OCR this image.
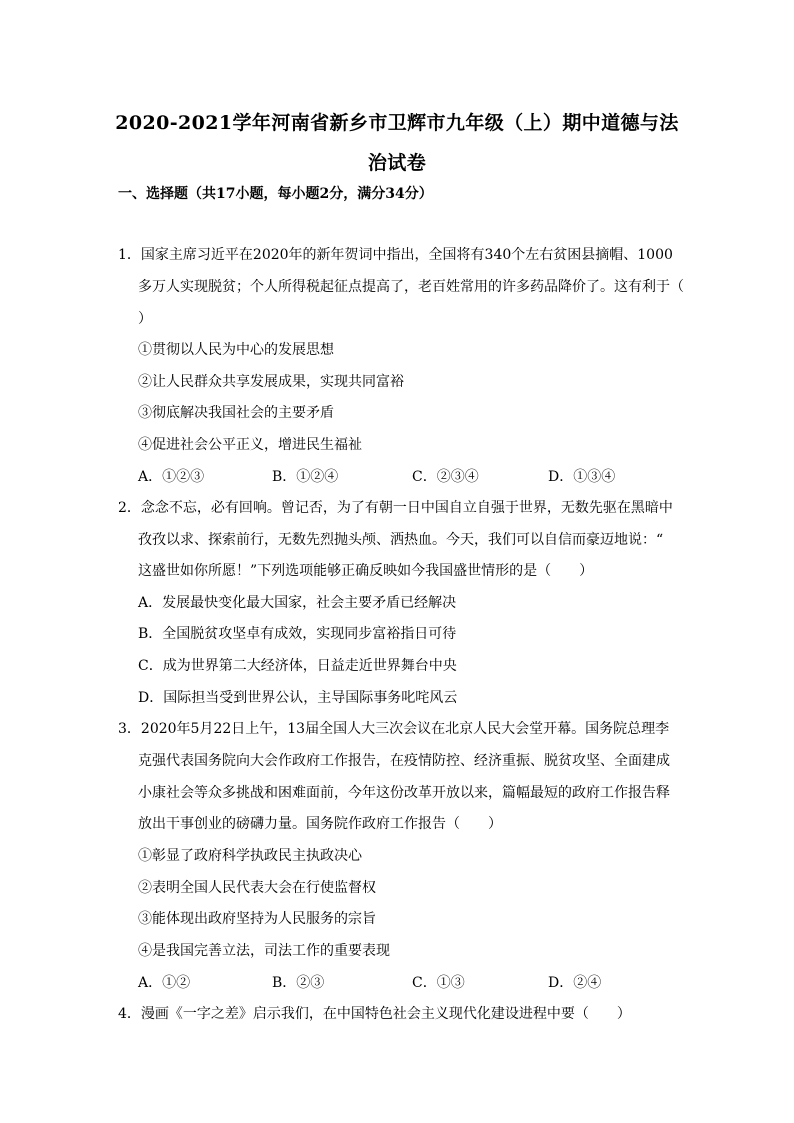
2020-2021学年河南省新乡市卫辉市九年级（上）期中道德与法
治试卷
一、选择题（共17小题，每小题2分，满分34分）
1．国家主席习近平在2020年的新年贺词中指出，全国将有340个左右贫困县摘帽、1000
多万人实现脱贫；个人所得税起征点提高了，老百姓常用的许多药品降价了。这有利于（
）
①贯彻以人民为中心的发展思想
②让人民群众共享发展成果，实现共同富裕
③彻底解决我国社会的主要矛盾
④促进社会公平正义，增进民生福祉
A．①②③	B．①②④	C．②③④	D．①③④
2．念念不忘，必有回响。曾记否，为了有朝一日中国自立自强于世界，无数先驱在黑暗中
孜孜以求、探索前行，无数先烈抛头颅、洒热血。今天，我们可以自信而豪迈地说：“
这盛世如你所愿！”下列选项能够正确反映如今我国盛世情形的是（　　）
A．发展最快变化最大国家，社会主要矛盾已经解决
B．全国脱贫攻坚卓有成效，实现同步富裕指日可待
C．成为世界第二大经济体，日益走近世界舞台中央
D．国际担当受到世界公认，主导国际事务叱咤风云
3．2020年5月22日上午，13届全国人大三次会议在北京人民大会堂开幕。国务院总理李
克强代表国务院向大会作政府工作报告，在疫情防控、经济重振、脱贫攻坚、全面建成
小康社会等众多挑战和困难面前，今年这份改革开放以来，篇幅最短的政府工作报告释
放出干事创业的磅礴力量。国务院作政府工作报告（　　）
①彰显了政府科学执政民主执政决心
②表明全国人民代表大会在行使监督权
③能体现出政府坚持为人民服务的宗旨
④是我国完善立法，司法工作的重要表现
A．①②	B．②③	C．①③	D．②④
4．漫画《一字之差》启示我们，在中国特色社会主义现代化建设进程中要（　　）
